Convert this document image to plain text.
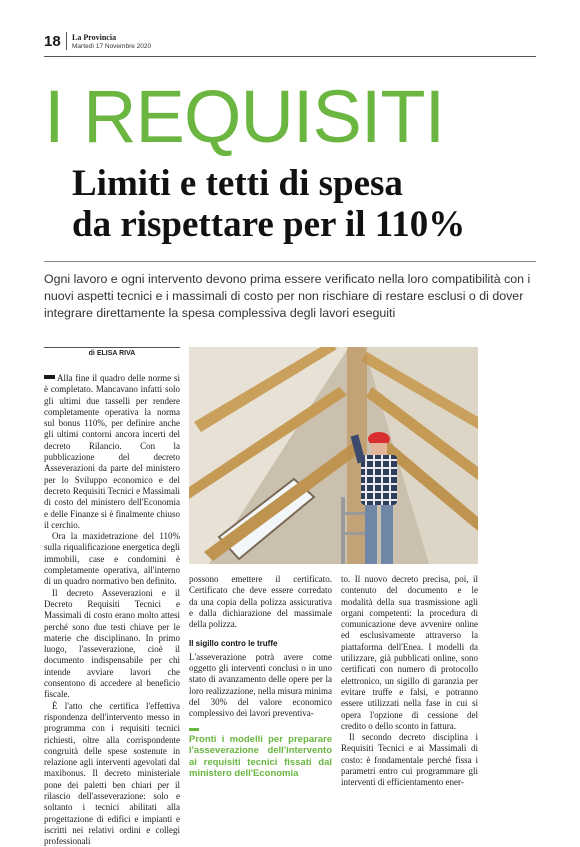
18 La Provincia
Martedì 17 Novembre 2020
I REQUISITI
Limiti e tetti di spesa
da rispettare per il 110%
Ogni lavoro e ogni intervento devono prima essere verificato nella loro compatibilità con i nuovi aspetti tecnici e i massimali di costo per non rischiare di restare esclusi o di dover integrare direttamente la spesa complessiva degli lavori eseguiti
di ELISA RIVA

Alla fine il quadro delle norme si è completato. Mancavano infatti solo gli ultimi due tasselli per rendere completamente operativa la norma sul bonus 110%, per definire anche gli ultimi contorni ancora incerti del decreto Rilancio. Con la pubblicazione del decreto Asseverazioni da parte del ministero per lo Sviluppo economico e del decreto Requisiti Tecnici e Massimali di costo del ministero dell'Economia e delle Finanze si è finalmente chiuso il cerchio.

Ora la maxidetrazione del 110% sulla riqualificazione energetica degli immobili, case e condomini è completamente operativa, all'interno di un quadro normativo ben definito.

Il decreto Asseverazioni e il Decreto Requisiti Tecnici e Massimali di costo erano molto attesi perché sono due testi chiave per le materie che disciplinano. In primo luogo, l'asseverazione, cioè il documento indispensabile per chi intende avviare lavori che consentono di accedere al beneficio fiscale.

È l'atto che certifica l'effettiva rispondenza dell'intervento messo in programma con i requisiti tecnici richiesti, oltre alla corrispondente congruità delle spese sostenute in relazione agli interventi agevolati dal maxibonus. Il decreto ministeriale pone dei paletti ben chiari per il rilascio dell'asseverazione: solo e soltanto i tecnici abilitati alla progettazione di edifici e impianti e iscritti nei relativi ordini e collegi professionali

possono emettere il certificato. Certificato che deve essere corredato da una copia della polizza assicurativa e dalla dichiarazione del massimale della polizza.

Il sigillo contro le truffe

L'asseverazione potrà avere come oggetto gli interventi conclusi o in uno stato di avanzamento delle opere per la loro realizzazione, nella misura minima del 30% del valore economico complessivo dei lavori preventiva-

Pronti i modelli per preparare l'asseverazione dell'intervento ai requisiti tecnici fissati dal ministero dell'Economia

to. Il nuovo decreto precisa, poi, il contenuto del documento e le modalità della sua trasmissione agli organi competenti: la procedura di comunicazione deve avvenire online ed esclusivamente attraverso la piattaforma dell'Enea. I modelli da utilizzare, già pubblicati online, sono certificati con numero di protocollo elettronico, un sigillo di garanzia per evitare truffe e falsi, e potranno essere utilizzati nella fase in cui si opera l'opzione di cessione del credito o dello sconto in fattura.

Il secondo decreto disciplina i Requisiti Tecnici e ai Massimali di costo: è fondamentale perché fissa i parametri entro cui programmare gli interventi di efficientamento ener-
